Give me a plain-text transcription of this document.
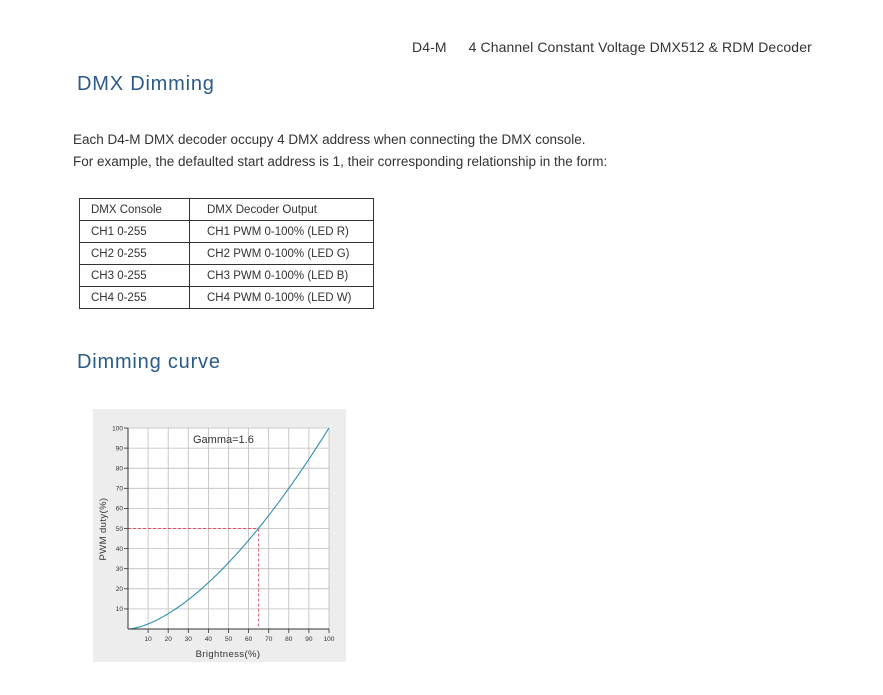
D4-M 4 Channel Constant Voltage DMX512 & RDM Decoder
DMX Dimming
Each D4-M DMX decoder occupy 4 DMX address when connecting the DMX console.
For example, the defaulted start address is 1, their corresponding relationship in the form:
DMX Console	DMX Decoder Output
CH1 0-255	CH1 PWM 0-100% (LED R)
CH2 0-255	CH2 PWM 0-100% (LED G)
CH3 0-255	CH3 PWM 0-100% (LED B)
CH4 0-255	CH4 PWM 0-100% (LED W)
Dimming curve
10 20 30 40 50 60 70 80 90 100
10
20
30
40
50
60
70
80
90
100
Gamma=1.6
Brightness(%)
PWM duty(%)
